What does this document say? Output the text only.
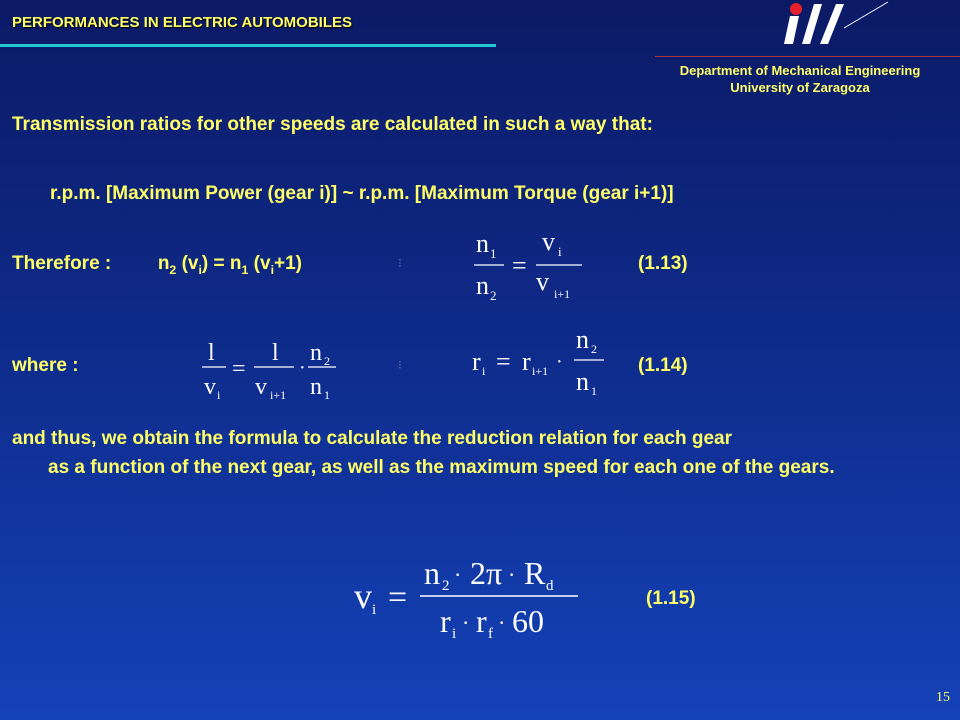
PERFORMANCES IN ELECTRIC AUTOMOBILES
Department of Mechanical Engineering
University of Zaragoza
Transmission ratios for other speeds are calculated in such a way that:
r.p.m. [Maximum Power (gear i)] ~ r.p.m. [Maximum Torque (gear i+1)]
Therefore : $n_2$ $(v_i) = n_1$ $(v_i+1)$	⁝
n 1
n 2
=
v i
v i+1
(1.13)
where :	l
v i
=
l
v i+1
·
n 2
n 1
⁝	r i = r i+1 ·
n 2
n 1
(1.14)
and thus, we obtain the formula to calculate the reduction relation for each gear
as a function of the next gear, as well as the maximum speed for each one of the gears.
v i =
n 2 · 2π · R d
r i · r f · 60
(1.15)
15
